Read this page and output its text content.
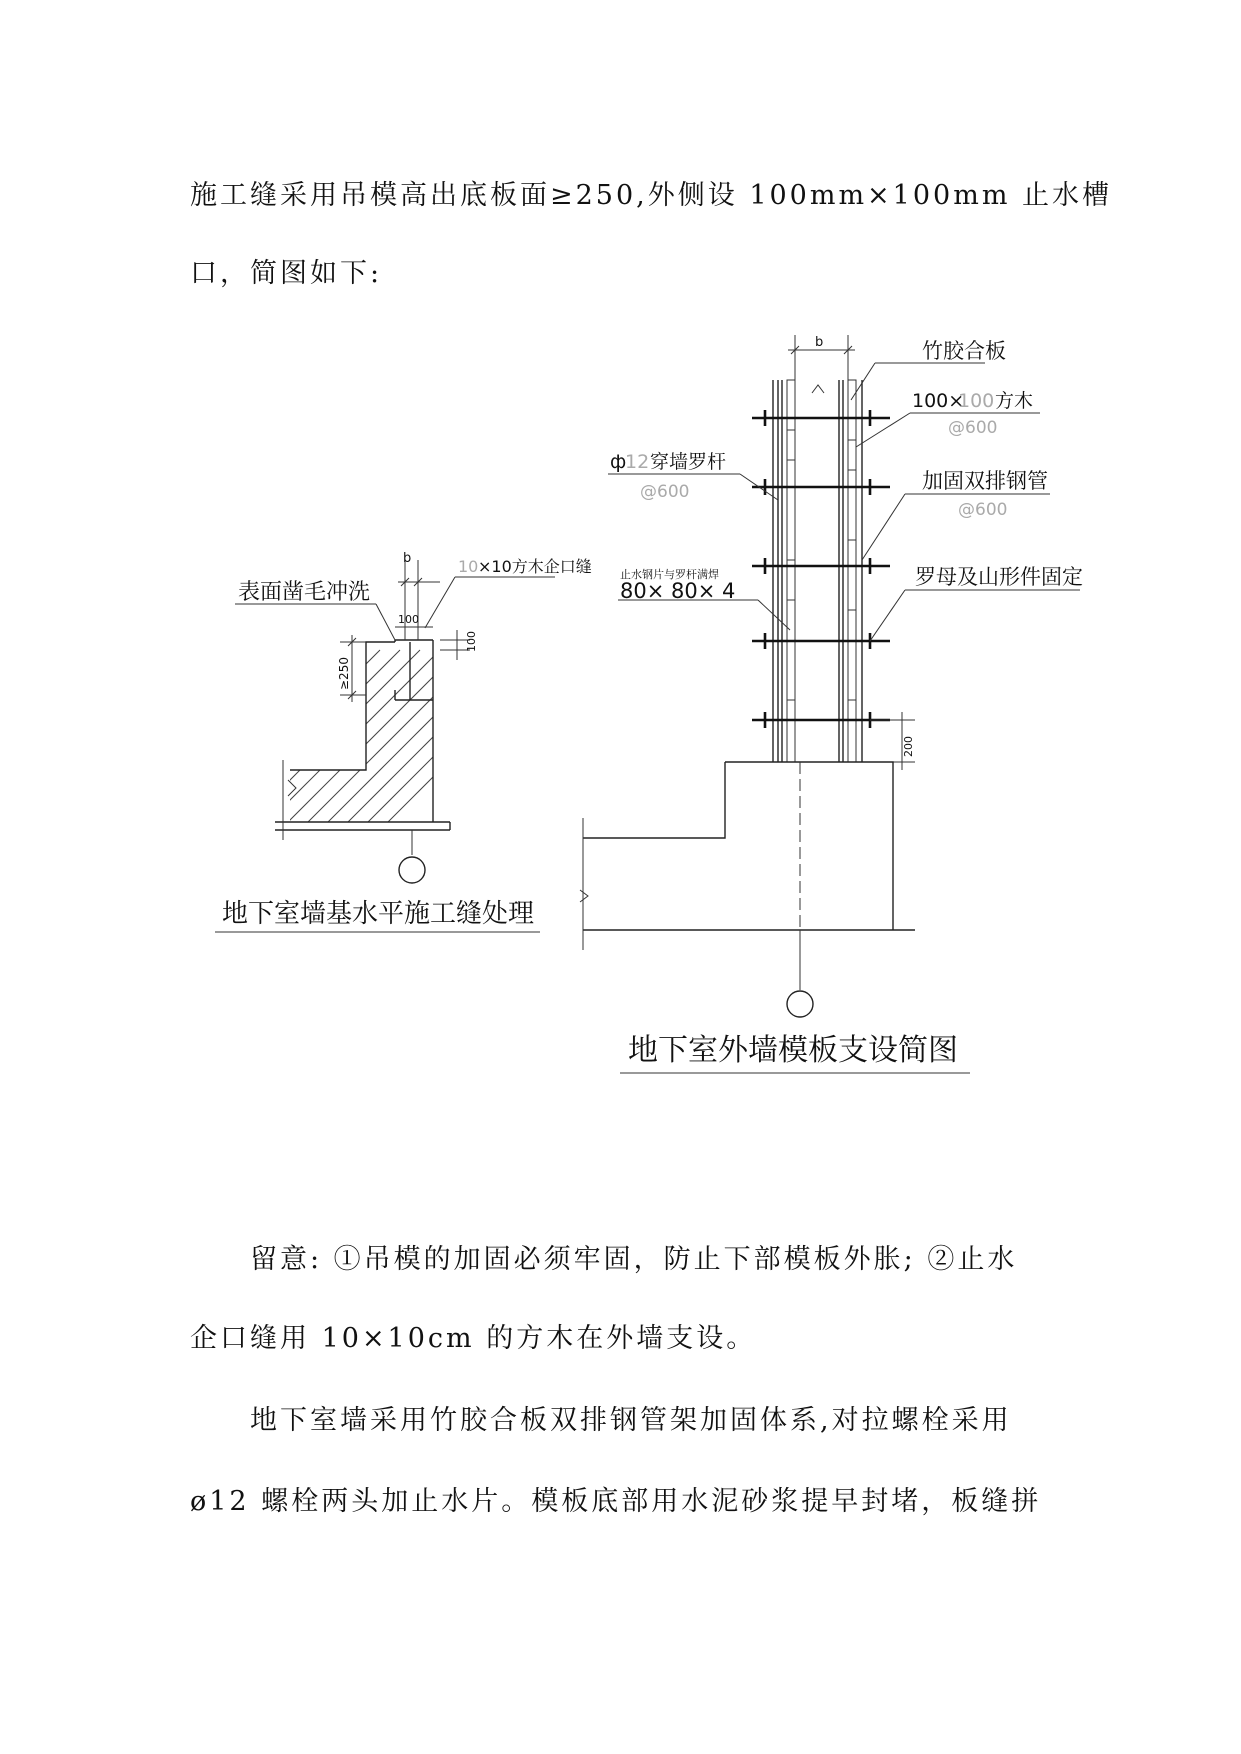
施工缝采用吊模高出底板面≥250,外侧设 100mm×100mm 止水槽

口，简图如下:

留意: ①吊模的加固必须牢固，防止下部模板外胀; ②止水

企口缝用 10×10cm 的方木在外墙支设。

地下室墙采用竹胶合板双排钢管架加固体系,对拉螺栓采用

ø12 螺栓两头加止水片。模板底部用水泥砂浆提早封堵，板缝拼

b
100
100
≥250
表面凿毛冲洗
10 ×10方木企口缝
地下室墙基水平施工缝处理
b
200
竹胶合板
100×
100 方木
@600
加固双排钢管
@600
罗母及山形件固定
ф
12 穿墙罗杆
@600
止水钢片与罗杆满焊
80× 80× 4
地下室外墙模板支设简图
